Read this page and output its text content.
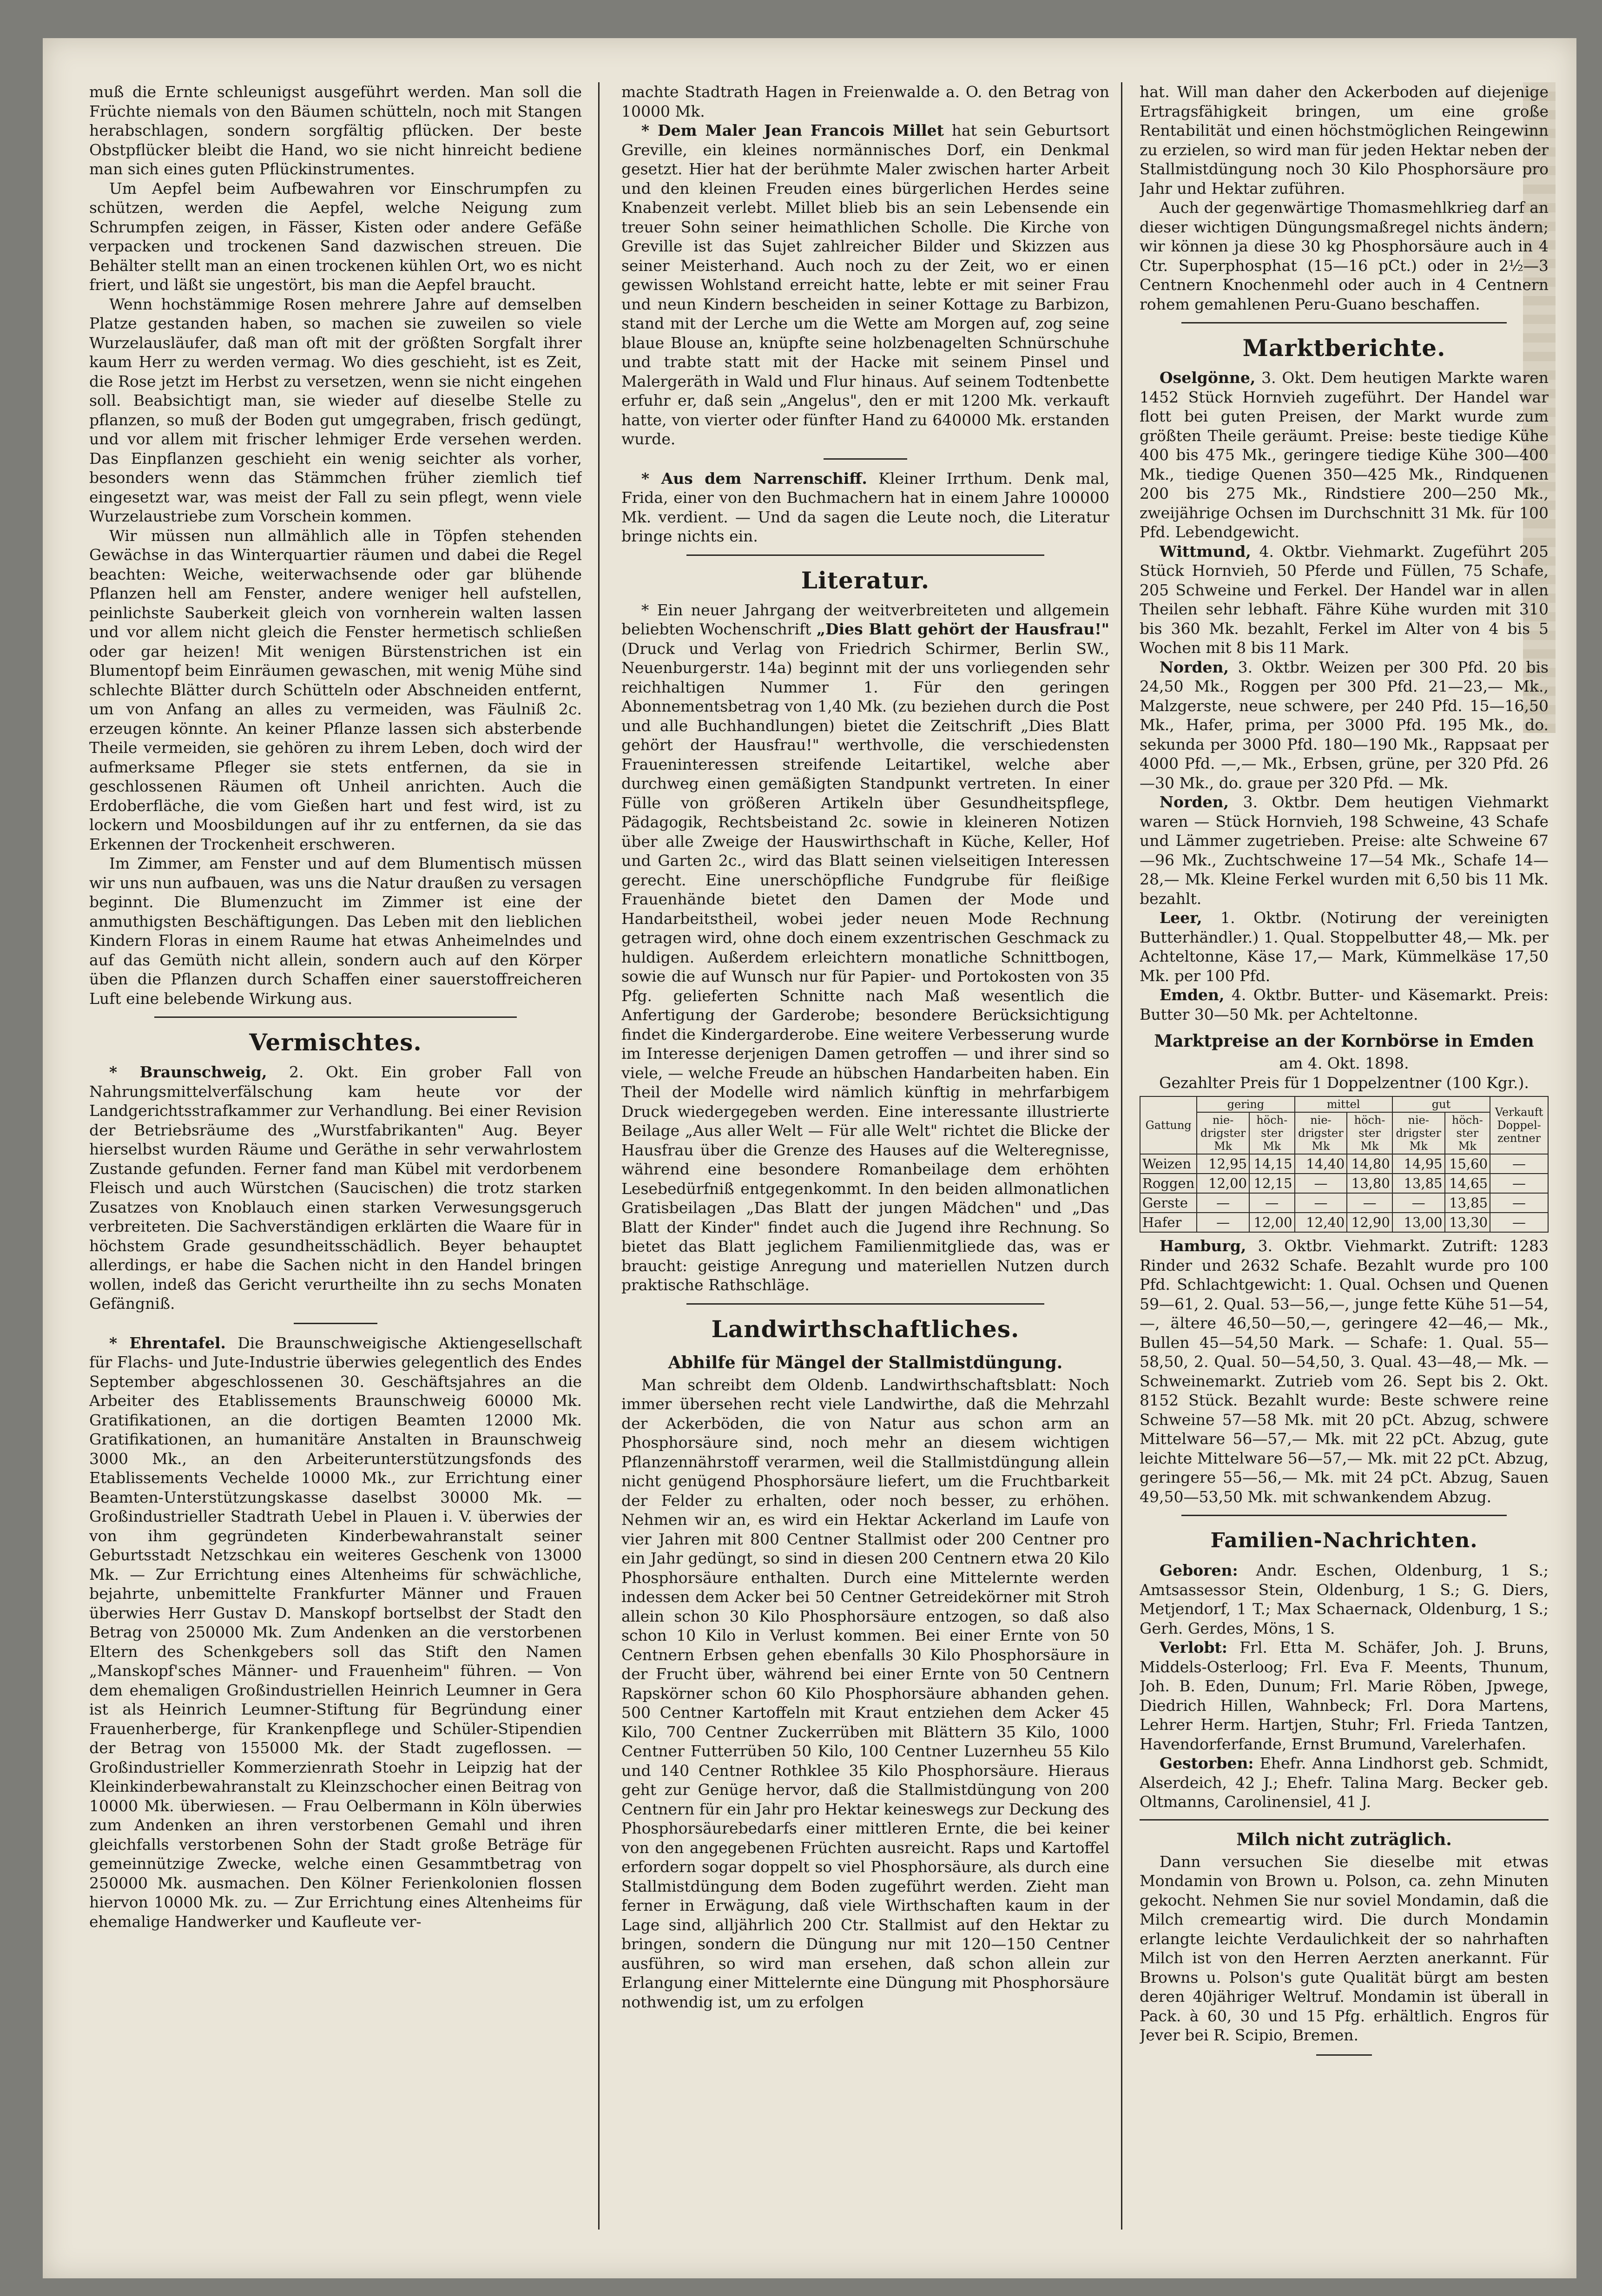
muß die Ernte schleunigst ausgeführt werden. Man soll die Früchte niemals von den Bäumen schütteln, noch mit Stangen herabschlagen, sondern sorgfältig pflücken. Der beste Obstpflücker bleibt die Hand, wo sie nicht hinreicht bediene man sich eines guten Pflückinstrumentes.

Um Aepfel beim Aufbewahren vor Einschrumpfen zu schützen, werden die Aepfel, welche Neigung zum Schrumpfen zeigen, in Fässer, Kisten oder andere Gefäße verpacken und trockenen Sand dazwischen streuen. Die Behälter stellt man an einen trockenen kühlen Ort, wo es nicht friert, und läßt sie ungestört, bis man die Aepfel braucht.

Wenn hochstämmige Rosen mehrere Jahre auf demselben Platze gestanden haben, so machen sie zuweilen so viele Wurzelausläufer, daß man oft mit der größten Sorgfalt ihrer kaum Herr zu werden vermag. Wo dies geschieht, ist es Zeit, die Rose jetzt im Herbst zu versetzen, wenn sie nicht eingehen soll. Beabsichtigt man, sie wieder auf dieselbe Stelle zu pflanzen, so muß der Boden gut umgegraben, frisch gedüngt, und vor allem mit frischer lehmiger Erde versehen werden. Das Einpflanzen geschieht ein wenig seichter als vorher, besonders wenn das Stämmchen früher ziemlich tief eingesetzt war, was meist der Fall zu sein pflegt, wenn viele Wurzelaustriebe zum Vorschein kommen.

Wir müssen nun allmählich alle in Töpfen stehenden Gewächse in das Winterquartier räumen und dabei die Regel beachten: Weiche, weiterwachsende oder gar blühende Pflanzen hell am Fenster, andere weniger hell aufstellen, peinlichste Sauberkeit gleich von vornherein walten lassen und vor allem nicht gleich die Fenster hermetisch schließen oder gar heizen! Mit wenigen Bürstenstrichen ist ein Blumentopf beim Einräumen gewaschen, mit wenig Mühe sind schlechte Blätter durch Schütteln oder Abschneiden entfernt, um von Anfang an alles zu vermeiden, was Fäulniß 2c. erzeugen könnte. An keiner Pflanze lassen sich absterbende Theile vermeiden, sie gehören zu ihrem Leben, doch wird der aufmerksame Pfleger sie stets entfernen, da sie in geschlossenen Räumen oft Unheil anrichten. Auch die Erdoberfläche, die vom Gießen hart und fest wird, ist zu lockern und Moosbildungen auf ihr zu entfernen, da sie das Erkennen der Trockenheit erschweren.

Im Zimmer, am Fenster und auf dem Blumentisch müssen wir uns nun aufbauen, was uns die Natur draußen zu versagen beginnt. Die Blumenzucht im Zimmer ist eine der anmuthigsten Beschäftigungen. Das Leben mit den lieblichen Kindern Floras in einem Raume hat etwas Anheimelndes und auf das Gemüth nicht allein, sondern auch auf den Körper üben die Pflanzen durch Schaffen einer sauerstoffreicheren Luft eine belebende Wirkung aus.

Vermischtes.

* Braunschweig, 2. Okt. Ein grober Fall von Nahrungsmittelverfälschung kam heute vor der Landgerichtsstrafkammer zur Verhandlung. Bei einer Revision der Betriebsräume des „Wurstfabrikanten" Aug. Beyer hierselbst wurden Räume und Geräthe in sehr verwahrlostem Zustande gefunden. Ferner fand man Kübel mit verdorbenem Fleisch und auch Würstchen (Saucischen) die trotz starken Zusatzes von Knoblauch einen starken Verwesungsgeruch verbreiteten. Die Sachverständigen erklärten die Waare für in höchstem Grade gesundheitsschädlich. Beyer behauptet allerdings, er habe die Sachen nicht in den Handel bringen wollen, indeß das Gericht verurtheilte ihn zu sechs Monaten Gefängniß.

* Ehrentafel. Die Braunschweigische Aktiengesellschaft für Flachs- und Jute-Industrie überwies gelegentlich des Endes September abgeschlossenen 30. Geschäftsjahres an die Arbeiter des Etablissements Braunschweig 60000 Mk. Gratifikationen, an die dortigen Beamten 12000 Mk. Gratifikationen, an humanitäre Anstalten in Braunschweig 3000 Mk., an den Arbeiterunterstützungsfonds des Etablissements Vechelde 10000 Mk., zur Errichtung einer Beamten-Unterstützungskasse daselbst 30000 Mk. — Großindustrieller Stadtrath Uebel in Plauen i. V. überwies der von ihm gegründeten Kinderbewahranstalt seiner Geburtsstadt Netzschkau ein weiteres Geschenk von 13000 Mk. — Zur Errichtung eines Altenheims für schwächliche, bejahrte, unbemittelte Frankfurter Männer und Frauen überwies Herr Gustav D. Manskopf bortselbst der Stadt den Betrag von 250000 Mk. Zum Andenken an die verstorbenen Eltern des Schenkgebers soll das Stift den Namen „Manskopf'sches Männer- und Frauenheim" führen. — Von dem ehemaligen Großindustriellen Heinrich Leumner in Gera ist als Heinrich Leumner-Stiftung für Begründung einer Frauenherberge, für Krankenpflege und Schüler-Stipendien der Betrag von 155000 Mk. der Stadt zugeflossen. — Großindustrieller Kommerzienrath Stoehr in Leipzig hat der Kleinkinderbewahranstalt zu Kleinzschocher einen Beitrag von 10000 Mk. überwiesen. — Frau Oelbermann in Köln überwies zum Andenken an ihren verstorbenen Gemahl und ihren gleichfalls verstorbenen Sohn der Stadt große Beträge für gemeinnützige Zwecke, welche einen Gesammtbetrag von 250000 Mk. ausmachen. Den Kölner Ferienkolonien flossen hiervon 10000 Mk. zu. — Zur Errichtung eines Altenheims für ehemalige Handwerker und Kaufleute ver-

machte Stadtrath Hagen in Freienwalde a. O. den Betrag von 10000 Mk.

* Dem Maler Jean Francois Millet hat sein Geburtsort Greville, ein kleines normännisches Dorf, ein Denkmal gesetzt. Hier hat der berühmte Maler zwischen harter Arbeit und den kleinen Freuden eines bürgerlichen Herdes seine Knabenzeit verlebt. Millet blieb bis an sein Lebensende ein treuer Sohn seiner heimathlichen Scholle. Die Kirche von Greville ist das Sujet zahlreicher Bilder und Skizzen aus seiner Meisterhand. Auch noch zu der Zeit, wo er einen gewissen Wohlstand erreicht hatte, lebte er mit seiner Frau und neun Kindern bescheiden in seiner Kottage zu Barbizon, stand mit der Lerche um die Wette am Morgen auf, zog seine blaue Blouse an, knüpfte seine holzbenagelten Schnürschuhe und trabte statt mit der Hacke mit seinem Pinsel und Malergeräth in Wald und Flur hinaus. Auf seinem Todtenbette erfuhr er, daß sein „Angelus", den er mit 1200 Mk. verkauft hatte, von vierter oder fünfter Hand zu 640000 Mk. erstanden wurde.

* Aus dem Narrenschiff. Kleiner Irrthum. Denk mal, Frida, einer von den Buchmachern hat in einem Jahre 100000 Mk. verdient. — Und da sagen die Leute noch, die Literatur bringe nichts ein.

Literatur.

* Ein neuer Jahrgang der weitverbreiteten und allgemein beliebten Wochenschrift „Dies Blatt gehört der Hausfrau!" (Druck und Verlag von Friedrich Schirmer, Berlin SW., Neuenburgerstr. 14a) beginnt mit der uns vorliegenden sehr reichhaltigen Nummer 1. Für den geringen Abonnementsbetrag von 1,40 Mk. (zu beziehen durch die Post und alle Buchhandlungen) bietet die Zeitschrift „Dies Blatt gehört der Hausfrau!" werthvolle, die verschiedensten Fraueninteressen streifende Leitartikel, welche aber durchweg einen gemäßigten Standpunkt vertreten. In einer Fülle von größeren Artikeln über Gesundheitspflege, Pädagogik, Rechtsbeistand 2c. sowie in kleineren Notizen über alle Zweige der Hauswirthschaft in Küche, Keller, Hof und Garten 2c., wird das Blatt seinen vielseitigen Interessen gerecht. Eine unerschöpfliche Fundgrube für fleißige Frauenhände bietet den Damen der Mode und Handarbeitstheil, wobei jeder neuen Mode Rechnung getragen wird, ohne doch einem exzentrischen Geschmack zu huldigen. Außerdem erleichtern monatliche Schnittbogen, sowie die auf Wunsch nur für Papier- und Portokosten von 35 Pfg. gelieferten Schnitte nach Maß wesentlich die Anfertigung der Garderobe; besondere Berücksichtigung findet die Kindergarderobe. Eine weitere Verbesserung wurde im Interesse derjenigen Damen getroffen — und ihrer sind so viele, — welche Freude an hübschen Handarbeiten haben. Ein Theil der Modelle wird nämlich künftig in mehrfarbigem Druck wiedergegeben werden. Eine interessante illustrierte Beilage „Aus aller Welt — Für alle Welt" richtet die Blicke der Hausfrau über die Grenze des Hauses auf die Welteregnisse, während eine besondere Romanbeilage dem erhöhten Lesebedürfniß entgegenkommt. In den beiden allmonatlichen Gratisbeilagen „Das Blatt der jungen Mädchen" und „Das Blatt der Kinder" findet auch die Jugend ihre Rechnung. So bietet das Blatt jeglichem Familienmitgliede das, was er braucht: geistige Anregung und materiellen Nutzen durch praktische Rathschläge.

Landwirthschaftliches.
Abhilfe für Mängel der Stallmistdüngung.

Man schreibt dem Oldenb. Landwirthschaftsblatt: Noch immer übersehen recht viele Landwirthe, daß die Mehrzahl der Ackerböden, die von Natur aus schon arm an Phosphorsäure sind, noch mehr an diesem wichtigen Pflanzennährstoff verarmen, weil die Stallmistdüngung allein nicht genügend Phosphorsäure liefert, um die Fruchtbarkeit der Felder zu erhalten, oder noch besser, zu erhöhen. Nehmen wir an, es wird ein Hektar Ackerland im Laufe von vier Jahren mit 800 Centner Stallmist oder 200 Centner pro ein Jahr gedüngt, so sind in diesen 200 Centnern etwa 20 Kilo Phosphorsäure enthalten. Durch eine Mittelernte werden indessen dem Acker bei 50 Centner Getreidekörner mit Stroh allein schon 30 Kilo Phosphorsäure entzogen, so daß also schon 10 Kilo in Verlust kommen. Bei einer Ernte von 50 Centnern Erbsen gehen ebenfalls 30 Kilo Phosphorsäure in der Frucht über, während bei einer Ernte von 50 Centnern Rapskörner schon 60 Kilo Phosphorsäure abhanden gehen. 500 Centner Kartoffeln mit Kraut entziehen dem Acker 45 Kilo, 700 Centner Zuckerrüben mit Blättern 35 Kilo, 1000 Centner Futterrüben 50 Kilo, 100 Centner Luzernheu 55 Kilo und 140 Centner Rothklee 35 Kilo Phosphorsäure. Hieraus geht zur Genüge hervor, daß die Stallmistdüngung von 200 Centnern für ein Jahr pro Hektar keineswegs zur Deckung des Phosphorsäurebedarfs einer mittleren Ernte, die bei keiner von den angegebenen Früchten ausreicht. Raps und Kartoffel erfordern sogar doppelt so viel Phosphorsäure, als durch eine Stallmistdüngung dem Boden zugeführt werden. Zieht man ferner in Erwägung, daß viele Wirthschaften kaum in der Lage sind, alljährlich 200 Ctr. Stallmist auf den Hektar zu bringen, sondern die Düngung nur mit 120—150 Centner ausführen, so wird man ersehen, daß schon allein zur Erlangung einer Mittelernte eine Düngung mit Phosphorsäure nothwendig ist, um zu erfolgen

hat. Will man daher den Ackerboden auf diejenige Ertragsfähigkeit bringen, um eine große Rentabilität und einen höchstmöglichen Reingewinn zu erzielen, so wird man für jeden Hektar neben der Stallmistdüngung noch 30 Kilo Phosphorsäure pro Jahr und Hektar zuführen.

Auch der gegenwärtige Thomasmehlkrieg darf an dieser wichtigen Düngungsmaßregel nichts ändern; wir können ja diese 30 kg Phosphorsäure auch in 4 Ctr. Superphosphat (15—16 pCt.) oder in 2½—3 Centnern Knochenmehl oder auch in 4 Centnern rohem gemahlenen Peru-Guano beschaffen.

Marktberichte.

Oselgönne, 3. Okt. Dem heutigen Markte waren 1452 Stück Hornvieh zugeführt. Der Handel war flott bei guten Preisen, der Markt wurde zum größten Theile geräumt. Preise: beste tiedige Kühe 400 bis 475 Mk., geringere tiedige Kühe 300—400 Mk., tiedige Quenen 350—425 Mk., Rindquenen 200 bis 275 Mk., Rindstiere 200—250 Mk., zweijährige Ochsen im Durchschnitt 31 Mk. für 100 Pfd. Lebendgewicht.

Wittmund, 4. Oktbr. Viehmarkt. Zugeführt 205 Stück Hornvieh, 50 Pferde und Füllen, 75 Schafe, 205 Schweine und Ferkel. Der Handel war in allen Theilen sehr lebhaft. Fähre Kühe wurden mit 310 bis 360 Mk. bezahlt, Ferkel im Alter von 4 bis 5 Wochen mit 8 bis 11 Mark.

Norden, 3. Oktbr. Weizen per 300 Pfd. 20 bis 24,50 Mk., Roggen per 300 Pfd. 21—23,— Mk., Malzgerste, neue schwere, per 240 Pfd. 15—16,50 Mk., Hafer, prima, per 3000 Pfd. 195 Mk., do. sekunda per 3000 Pfd. 180—190 Mk., Rappsaat per 4000 Pfd. —,— Mk., Erbsen, grüne, per 320 Pfd. 26—30 Mk., do. graue per 320 Pfd. — Mk.

Norden, 3. Oktbr. Dem heutigen Viehmarkt waren — Stück Hornvieh, 198 Schweine, 43 Schafe und Lämmer zugetrieben. Preise: alte Schweine 67—96 Mk., Zuchtschweine 17—54 Mk., Schafe 14—28,— Mk. Kleine Ferkel wurden mit 6,50 bis 11 Mk. bezahlt.

Leer, 1. Oktbr. (Notirung der vereinigten Butterhändler.) 1. Qual. Stoppelbutter 48,— Mk. per Achteltonne, Käse 17,— Mark, Kümmelkäse 17,50 Mk. per 100 Pfd.

Emden, 4. Oktbr. Butter- und Käsemarkt. Preis: Butter 30—50 Mk. per Achteltonne.

Marktpreise an der Kornbörse in Emden

am 4. Okt. 1898.

Gezahlter Preis für 1 Doppelzentner (100 Kgr.).

Gattung	gering		mittel		gut		Verkauft Doppel-zentner
	nie-drigster Mk	höch-ster Mk	nie-drigster Mk	höch-ster Mk	nie-drigster Mk	höch-ster Mk	
Weizen	12,95	14,15	14,40	14,80	14,95	15,60	—
Roggen	12,00	12,15	—	13,80	13,85	14,65	—
Gerste	—	—	—	—	—	13,85	—
Hafer	—	12,00	12,40	12,90	13,00	13,30	—

Hamburg, 3. Oktbr. Viehmarkt. Zutrift: 1283 Rinder und 2632 Schafe. Bezahlt wurde pro 100 Pfd. Schlachtgewicht: 1. Qual. Ochsen und Quenen 59—61, 2. Qual. 53—56,—, junge fette Kühe 51—54,—, ältere 46,50—50,—, geringere 42—46,— Mk., Bullen 45—54,50 Mark. — Schafe: 1. Qual. 55—58,50, 2. Qual. 50—54,50, 3. Qual. 43—48,— Mk. — Schweinemarkt. Zutrieb vom 26. Sept bis 2. Okt. 8152 Stück. Bezahlt wurde: Beste schwere reine Schweine 57—58 Mk. mit 20 pCt. Abzug, schwere Mittelware 56—57,— Mk. mit 22 pCt. Abzug, gute leichte Mittelware 56—57,— Mk. mit 22 pCt. Abzug, geringere 55—56,— Mk. mit 24 pCt. Abzug, Sauen 49,50—53,50 Mk. mit schwankendem Abzug.

Familien-Nachrichten.

Geboren: Andr. Eschen, Oldenburg, 1 S.; Amtsassessor Stein, Oldenburg, 1 S.; G. Diers, Metjendorf, 1 T.; Max Schaernack, Oldenburg, 1 S.; Gerh. Gerdes, Möns, 1 S.

Verlobt: Frl. Etta M. Schäfer, Joh. J. Bruns, Middels-Osterloog; Frl. Eva F. Meents, Thunum, Joh. B. Eden, Dunum; Frl. Marie Röben, Jpwege, Diedrich Hillen, Wahnbeck; Frl. Dora Martens, Lehrer Herm. Hartjen, Stuhr; Frl. Frieda Tantzen, Havendorferfande, Ernst Brumund, Varelerhafen.

Gestorben: Ehefr. Anna Lindhorst geb. Schmidt, Alserdeich, 42 J.; Ehefr. Talina Marg. Becker geb. Oltmanns, Carolinensiel, 41 J.

Milch nicht zuträglich.

Dann versuchen Sie dieselbe mit etwas Mondamin von Brown u. Polson, ca. zehn Minuten gekocht. Nehmen Sie nur soviel Mondamin, daß die Milch cremeartig wird. Die durch Mondamin erlangte leichte Verdaulichkeit der so nahrhaften Milch ist von den Herren Aerzten anerkannt. Für Browns u. Polson's gute Qualität bürgt am besten deren 40jähriger Weltruf. Mondamin ist überall in Pack. à 60, 30 und 15 Pfg. erhältlich. Engros für Jever bei R. Scipio, Bremen.
